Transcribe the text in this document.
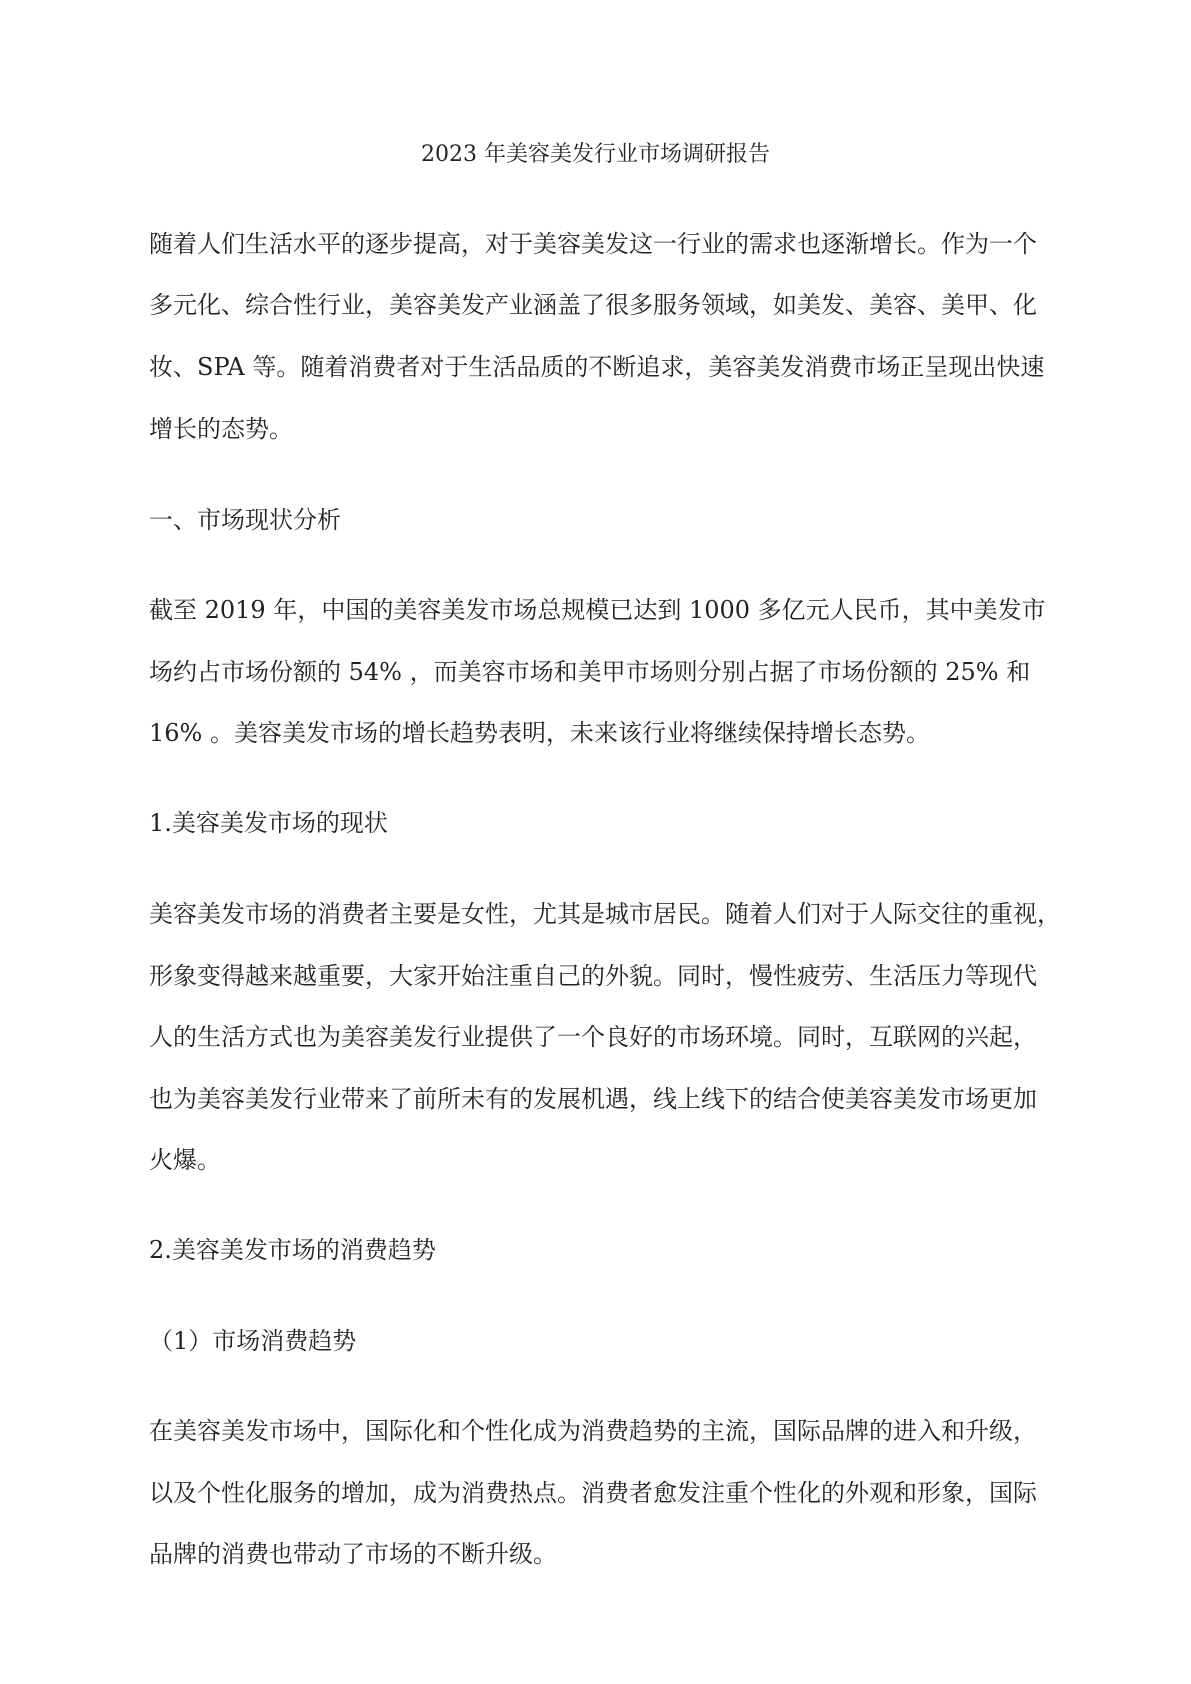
2023 年美容美发行业市场调研报告
随着人们生活水平的逐步提高，对于美容美发这一行业的需求也逐渐增长。作为一个
多元化、综合性行业，美容美发产业涵盖了很多服务领域，如美发、美容、美甲、化
妆、SPA 等。随着消费者对于生活品质的不断追求，美容美发消费市场正呈现出快速
增长的态势。
一、市场现状分析
截至 2019 年，中国的美容美发市场总规模已达到 1000 多亿元人民币，其中美发市
场约占市场份额的 54% ，而美容市场和美甲市场则分别占据了市场份额的 25% 和
16% 。美容美发市场的增长趋势表明，未来该行业将继续保持增长态势。
1.美容美发市场的现状
美容美发市场的消费者主要是女性，尤其是城市居民。随着人们对于人际交往的重视，
形象变得越来越重要，大家开始注重自己的外貌。同时，慢性疲劳、生活压力等现代
人的生活方式也为美容美发行业提供了一个良好的市场环境。同时，互联网的兴起，
也为美容美发行业带来了前所未有的发展机遇，线上线下的结合使美容美发市场更加
火爆。
2.美容美发市场的消费趋势
（1）市场消费趋势
在美容美发市场中，国际化和个性化成为消费趋势的主流，国际品牌的进入和升级，
以及个性化服务的增加，成为消费热点。消费者愈发注重个性化的外观和形象，国际
品牌的消费也带动了市场的不断升级。
